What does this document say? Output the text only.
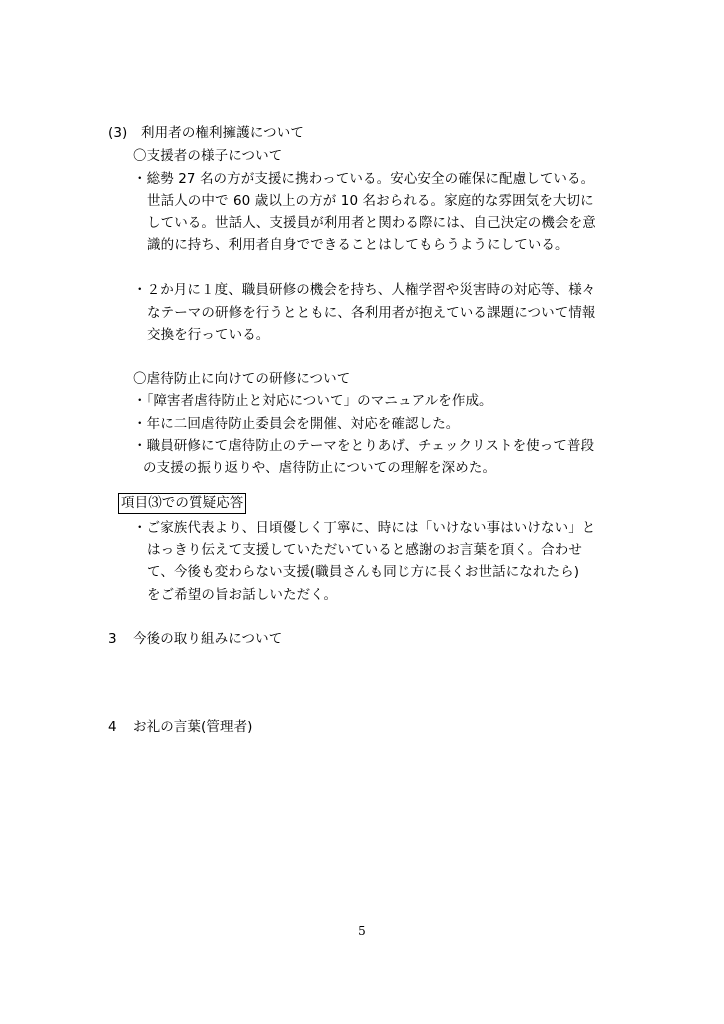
(3)　利用者の権利擁護について
〇支援者の様子について
・総勢 27 名の方が支援に携わっている。安心安全の確保に配慮している。
世話人の中で 60 歳以上の方が 10 名おられる。家庭的な雰囲気を大切に
している。世話人、支援員が利用者と関わる際には、自己決定の機会を意
識的に持ち、利用者自身でできることはしてもらうようにしている。
・２か月に１度、職員研修の機会を持ち、人権学習や災害時の対応等、様々
なテーマの研修を行うとともに、各利用者が抱えている課題について情報
交換を行っている。
〇虐待防止に向けての研修について
・「障害者虐待防止と対応について」のマニュアルを作成。
・年に二回虐待防止委員会を開催、対応を確認した。
・職員研修にて虐待防止のテーマをとりあげ、チェックリストを使って普段
の支援の振り返りや、虐待防止についての理解を深めた。
項目⑶での質疑応答
・ご家族代表より、日頃優しく丁寧に、時には「いけない事はいけない」と
はっきり伝えて支援していただいていると感謝のお言葉を頂く。合わせ
て、今後も変わらない支援(職員さんも同じ方に長くお世話になれたら)
をご希望の旨お話しいただく。
3 今後の取り組みについて
4 お礼の言葉(管理者)
5
